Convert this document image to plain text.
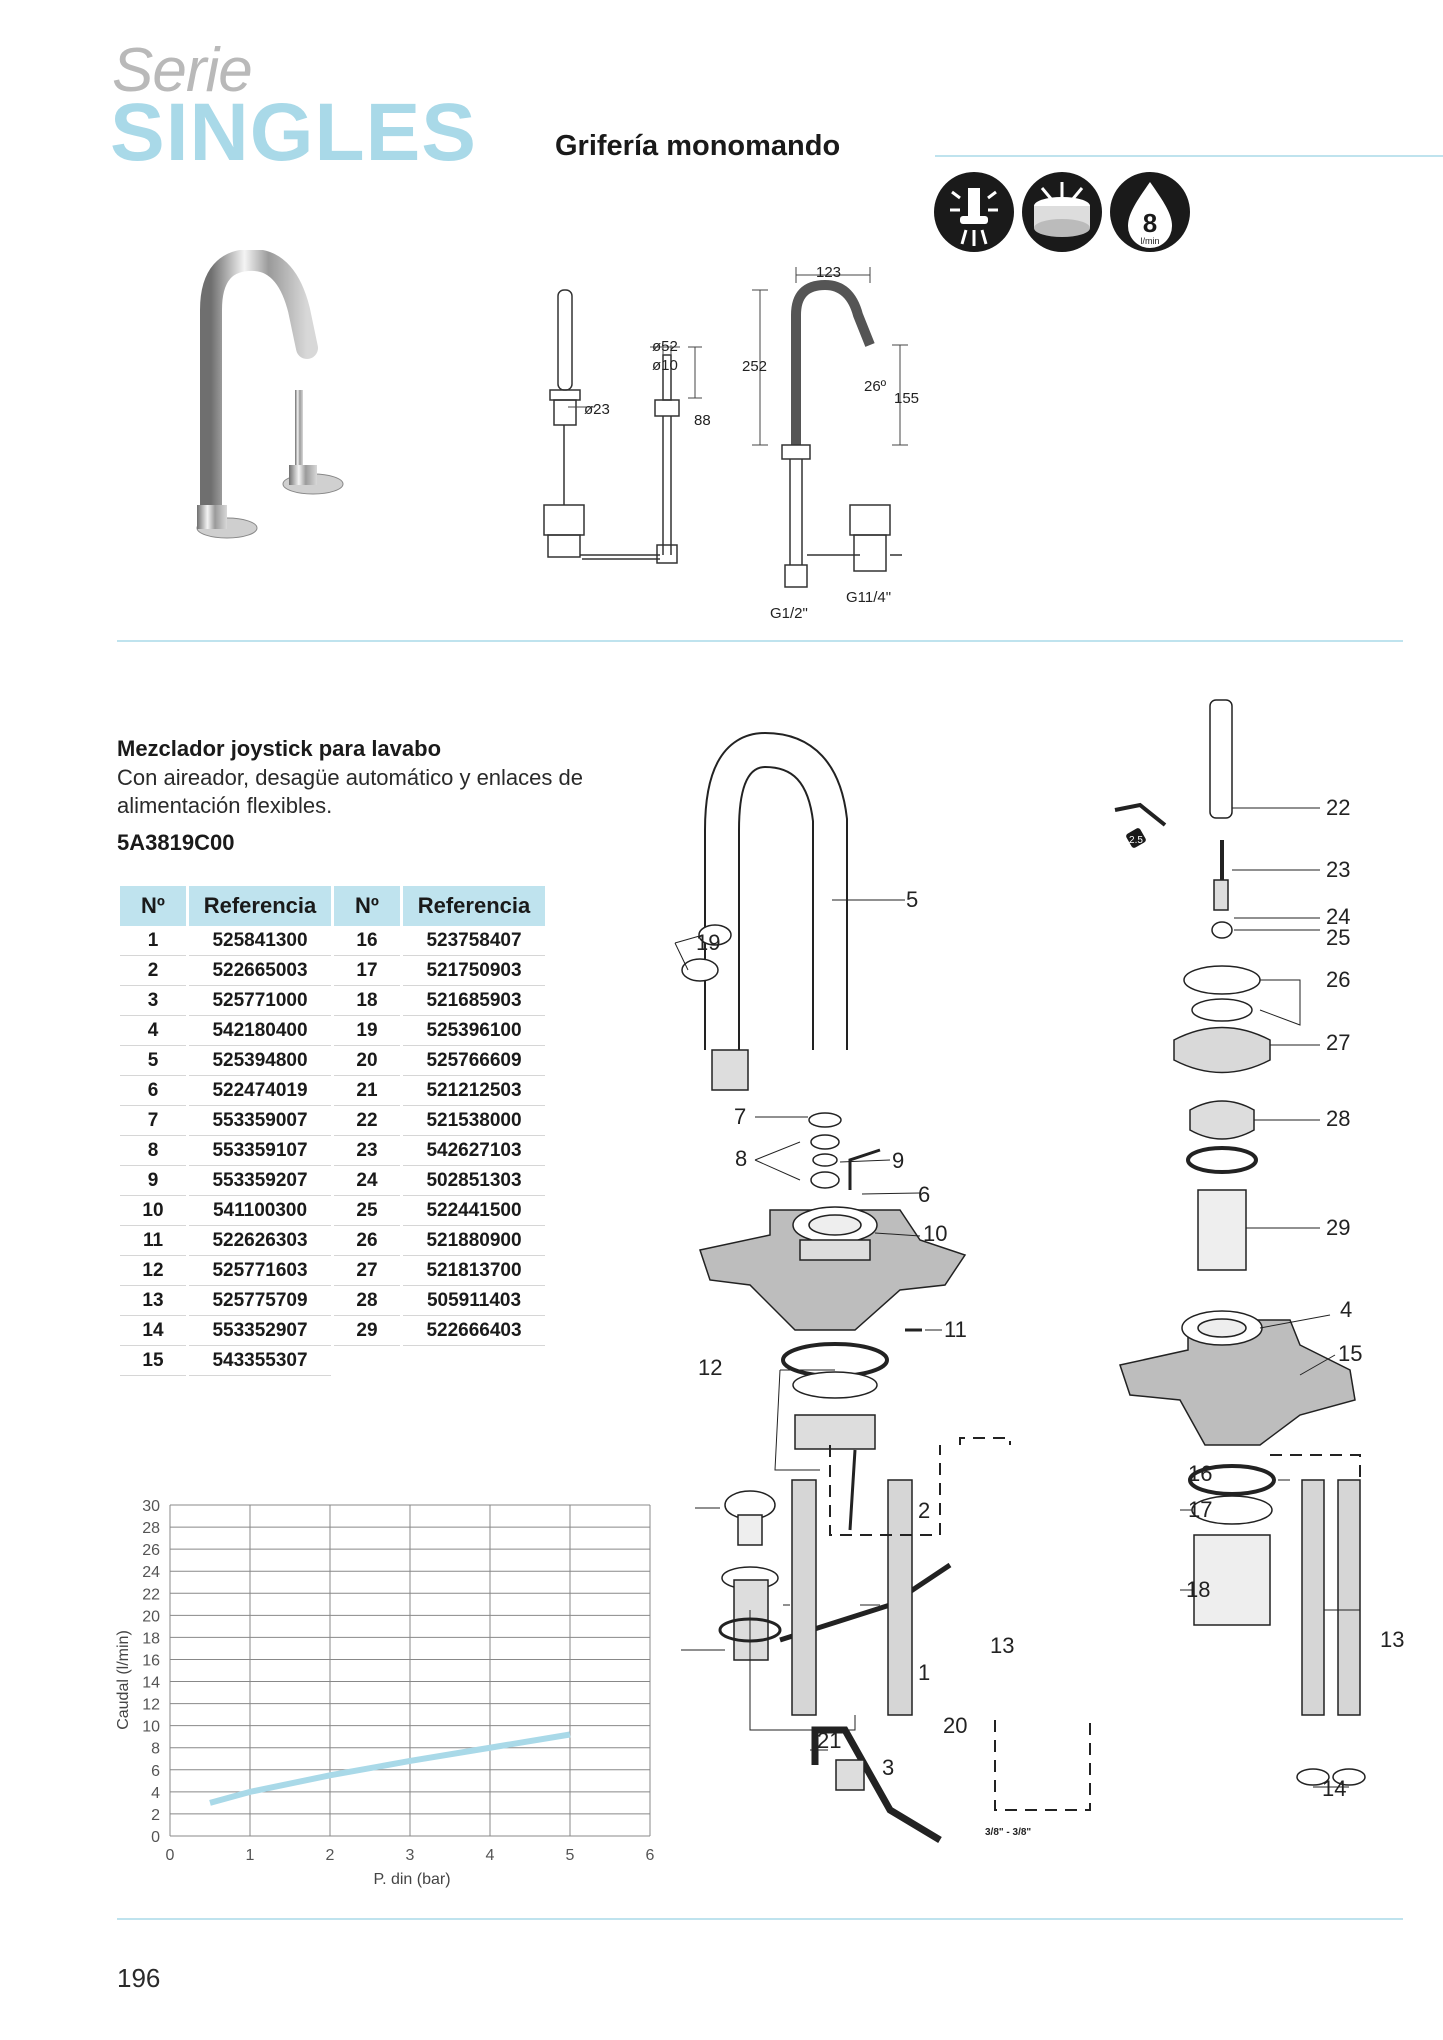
Serie
SINGLES	Grifería monomando
8
l/min
ø52
ø10
ø23
88
123
252
26º
155
G1/2"
G11/4"
Mezclador joystick para lavabo
Con aireador, desagüe automático y enlaces de alimentación flexibles.
5A3819C00
Nº	Referencia	Nº	Referencia
1	525841300	16	523758407
2	522665003	17	521750903
3	525771000	18	521685903
4	542180400	19	525396100
5	525394800	20	525766609
6	522474019	21	521212503
7	553359007	22	521538000
8	553359107	23	542627103
9	553359207	24	502851303
10	541100300	25	522441500
11	522626303	26	521880900
12	525771603	27	521813700
13	525775709	28	505911403
14	553352907	29	522666403
15	543355307		
2.5
3/8" - 3/8"
1
2
3
4
5
6
7
8	9
10
11
12
13	13
14
15
16
17
18
19
20
21
22
23
24
25
26
27
28
29
0	1	2	3	4	5	6
0
2
4
6
8
10
12
14
16
18
20
22
24
26
28
30
P. din (bar)
Caudal (l/min)
196
